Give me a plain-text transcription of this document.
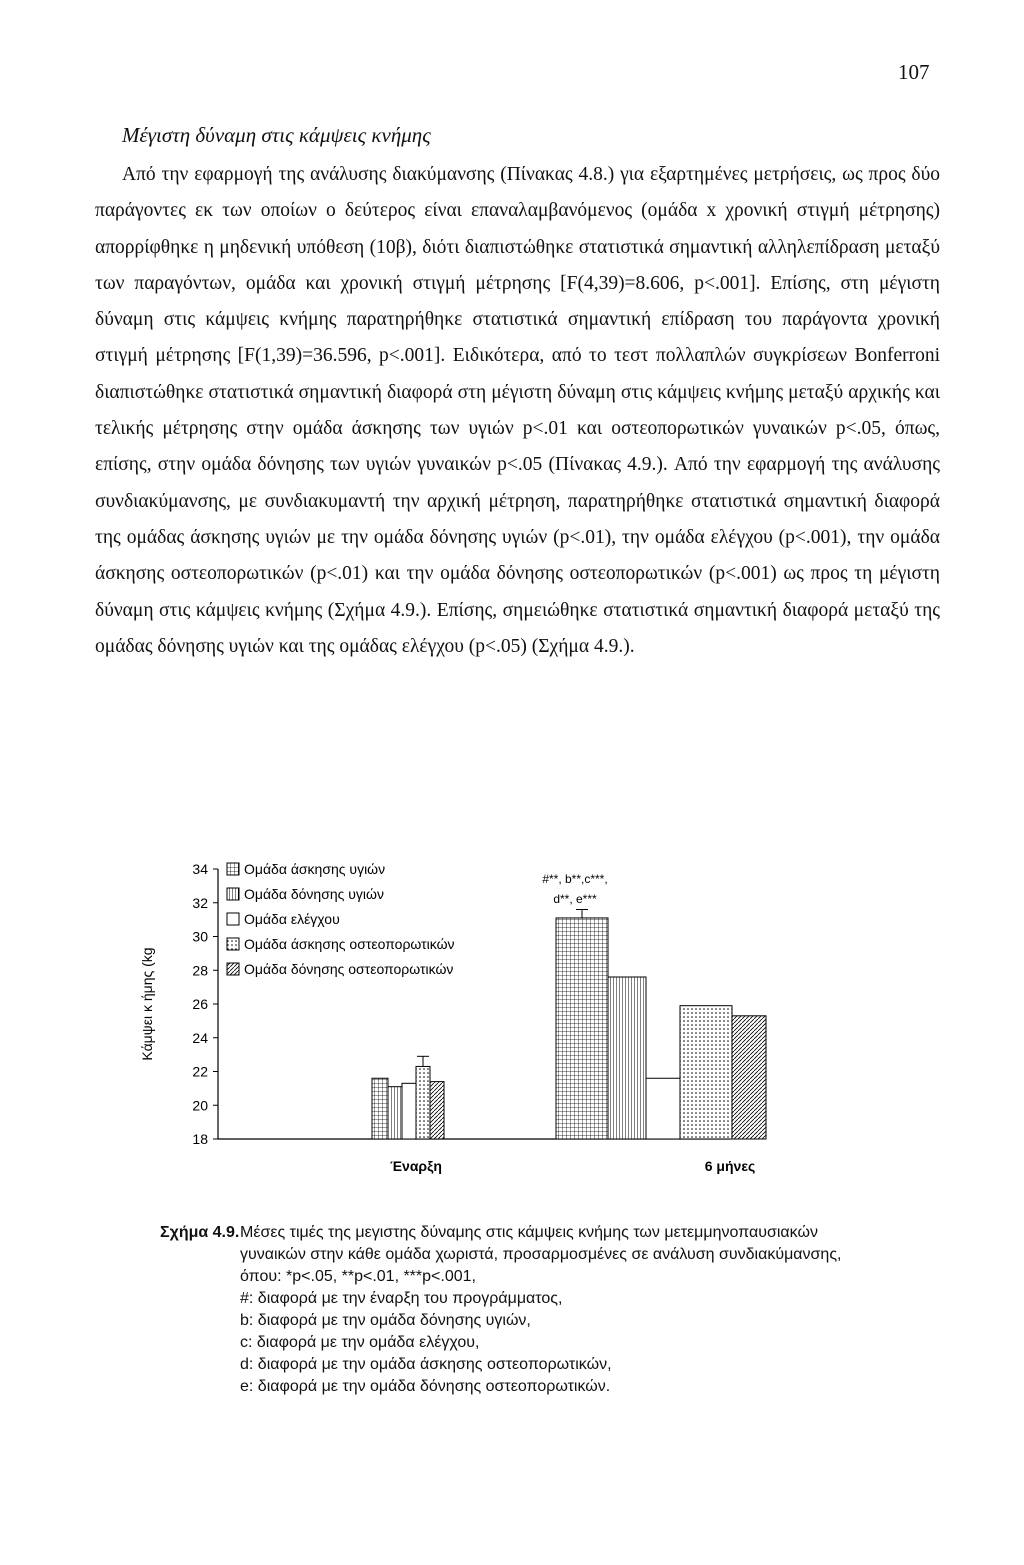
107
Μέγιστη δύναμη στις κάμψεις κνήμης

Από την εφαρμογή της ανάλυσης διακύμανσης (Πίνακας 4.8.) για εξαρτημένες μετρήσεις, ως προς δύο παράγοντες εκ των οποίων ο δεύτερος είναι επαναλαμβανόμενος (ομάδα x χρονική στιγμή μέτρησης) απορρίφθηκε η μηδενική υπόθεση (10β), διότι διαπιστώθηκε στατιστικά σημαντική αλληλεπίδραση μεταξύ των παραγόντων, ομάδα και χρονική στιγμή μέτρησης [F(4,39)=8.606, p<.001]. Επίσης, στη μέγιστη δύναμη στις κάμψεις κνήμης παρατηρήθηκε στατιστικά σημαντική επίδραση του παράγοντα χρονική στιγμή μέτρησης [F(1,39)=36.596, p<.001]. Ειδικότερα, από το τεστ πολλαπλών συγκρίσεων Bonferroni διαπιστώθηκε στατιστικά σημαντική διαφορά στη μέγιστη δύναμη στις κάμψεις κνήμης μεταξύ αρχικής και τελικής μέτρησης στην ομάδα άσκησης των υγιών p<.01 και οστεοπορωτικών γυναικών p<.05, όπως, επίσης, στην ομάδα δόνησης των υγιών γυναικών p<.05 (Πίνακας 4.9.). Από την εφαρμογή της ανάλυσης συνδιακύμανσης, με συνδιακυμαντή την αρχική μέτρηση, παρατηρήθηκε στατιστικά σημαντική διαφορά της ομάδας άσκησης υγιών με την ομάδα δόνησης υγιών (p<.01), την ομάδα ελέγχου (p<.001), την ομάδα άσκησης οστεοπορωτικών (p<.01) και την ομάδα δόνησης οστεοπορωτικών (p<.001) ως προς τη μέγιστη δύναμη στις κάμψεις κνήμης (Σχήμα 4.9.). Επίσης, σημειώθηκε στατιστικά σημαντική διαφορά μεταξύ της ομάδας δόνησης υγιών και της ομάδας ελέγχου (p<.05) (Σχήμα 4.9.).

Κάμψει κ ήμης (kg
34
32
30
28
26
24
22
20
18
Ομάδα άσκησης υγιών
Ομάδα δόνησης υγιών
Ομάδα ελέγχου
Ομάδα άσκησης οστεοπορωτικών
Ομάδα δόνησης οστεοπορωτικών
Έναρξη	6 μήνες
#**, b**,c***,
d**, e***
Σχήμα 4.9. Μέσες τιμές της μεγιστης δύναμης στις κάμψεις κνήμης των μετεμμηνοπαυσιακών
γυναικών στην κάθε ομάδα χωριστά, προσαρμοσμένες σε ανάλυση συνδιακύμανσης,
όπου: *p<.05, **p<.01, ***p<.001,
#: διαφορά με την έναρξη του προγράμματος,
b: διαφορά με την ομάδα δόνησης υγιών,
c: διαφορά με την ομάδα ελέγχου,
d: διαφορά με την ομάδα άσκησης οστεοπορωτικών,
e: διαφορά με την ομάδα δόνησης οστεοπορωτικών.
